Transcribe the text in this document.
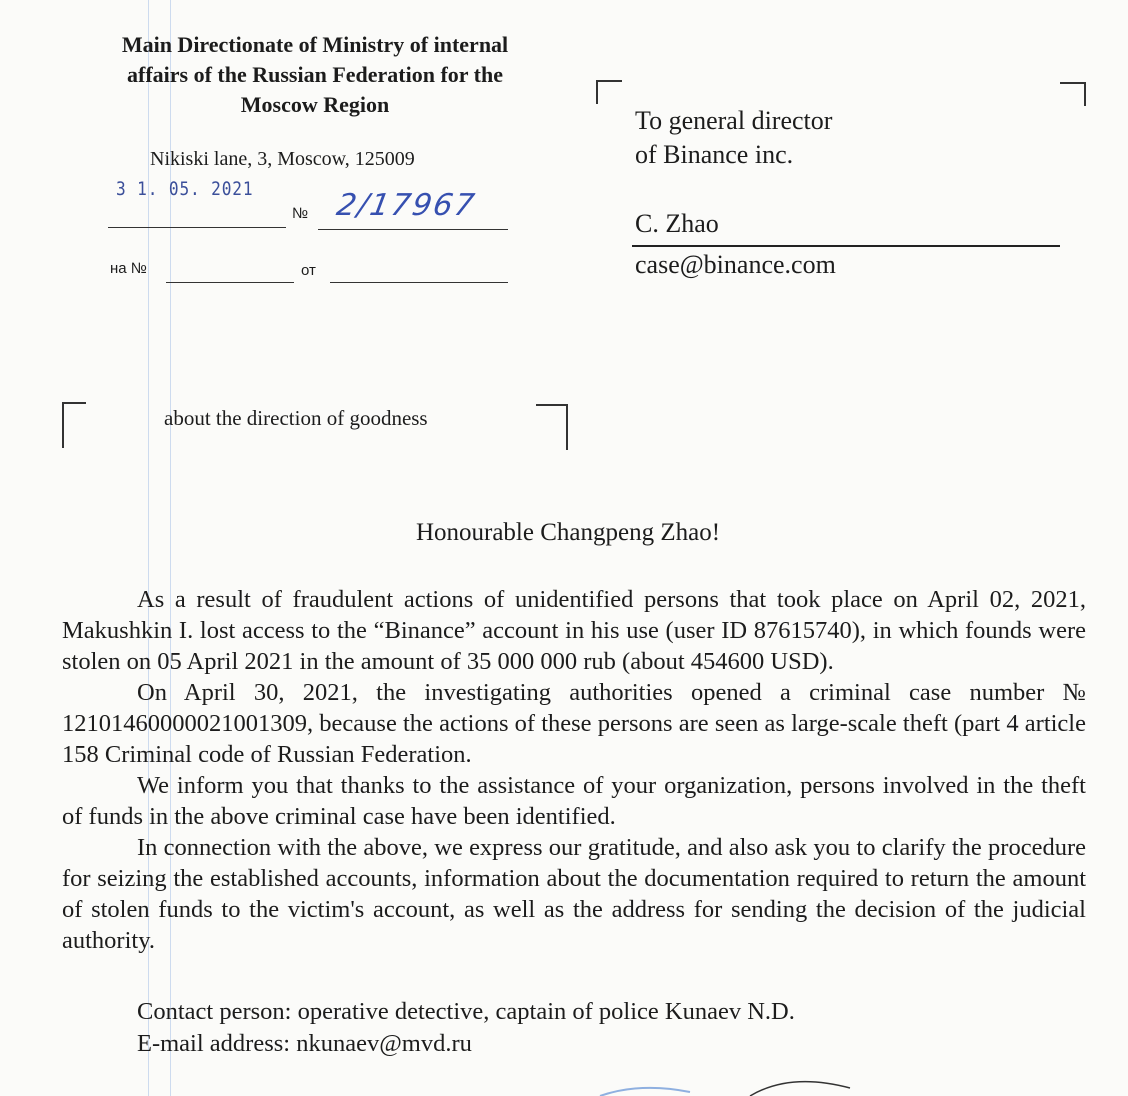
Main Directionate of Ministry of internal
affairs of the Russian Federation for the
Moscow Region
Nikiski lane, 3, Moscow, 125009
3 1. 05. 2021
№ 2/17967
на №	от
To general director
of Binance inc.
C. Zhao
case@binance.com
about the direction of goodness
Honourable Changpeng Zhao!

As a result of fraudulent actions of unidentified persons that took place on April 02, 2021, Makushkin I. lost access to the “Binance” account in his use (user ID 87615740), in which founds were stolen on 05 April 2021 in the amount of 35 000 000 rub (about 454600 USD).

On April 30, 2021, the investigating authorities opened a criminal case number № 12101460000021001309, because the actions of these persons are seen as large-scale theft (part 4 article 158 Criminal code of Russian Federation.

We inform you that thanks to the assistance of your organization, persons involved in the theft of funds in the above criminal case have been identified.

In connection with the above, we express our gratitude, and also ask you to clarify the procedure for seizing the established accounts, information about the documentation required to return the amount of stolen funds to the victim's account, as well as the address for sending the decision of the judicial authority.

Contact person: operative detective, captain of police Kunaev N.D.
E-mail address: nkunaev@mvd.ru
